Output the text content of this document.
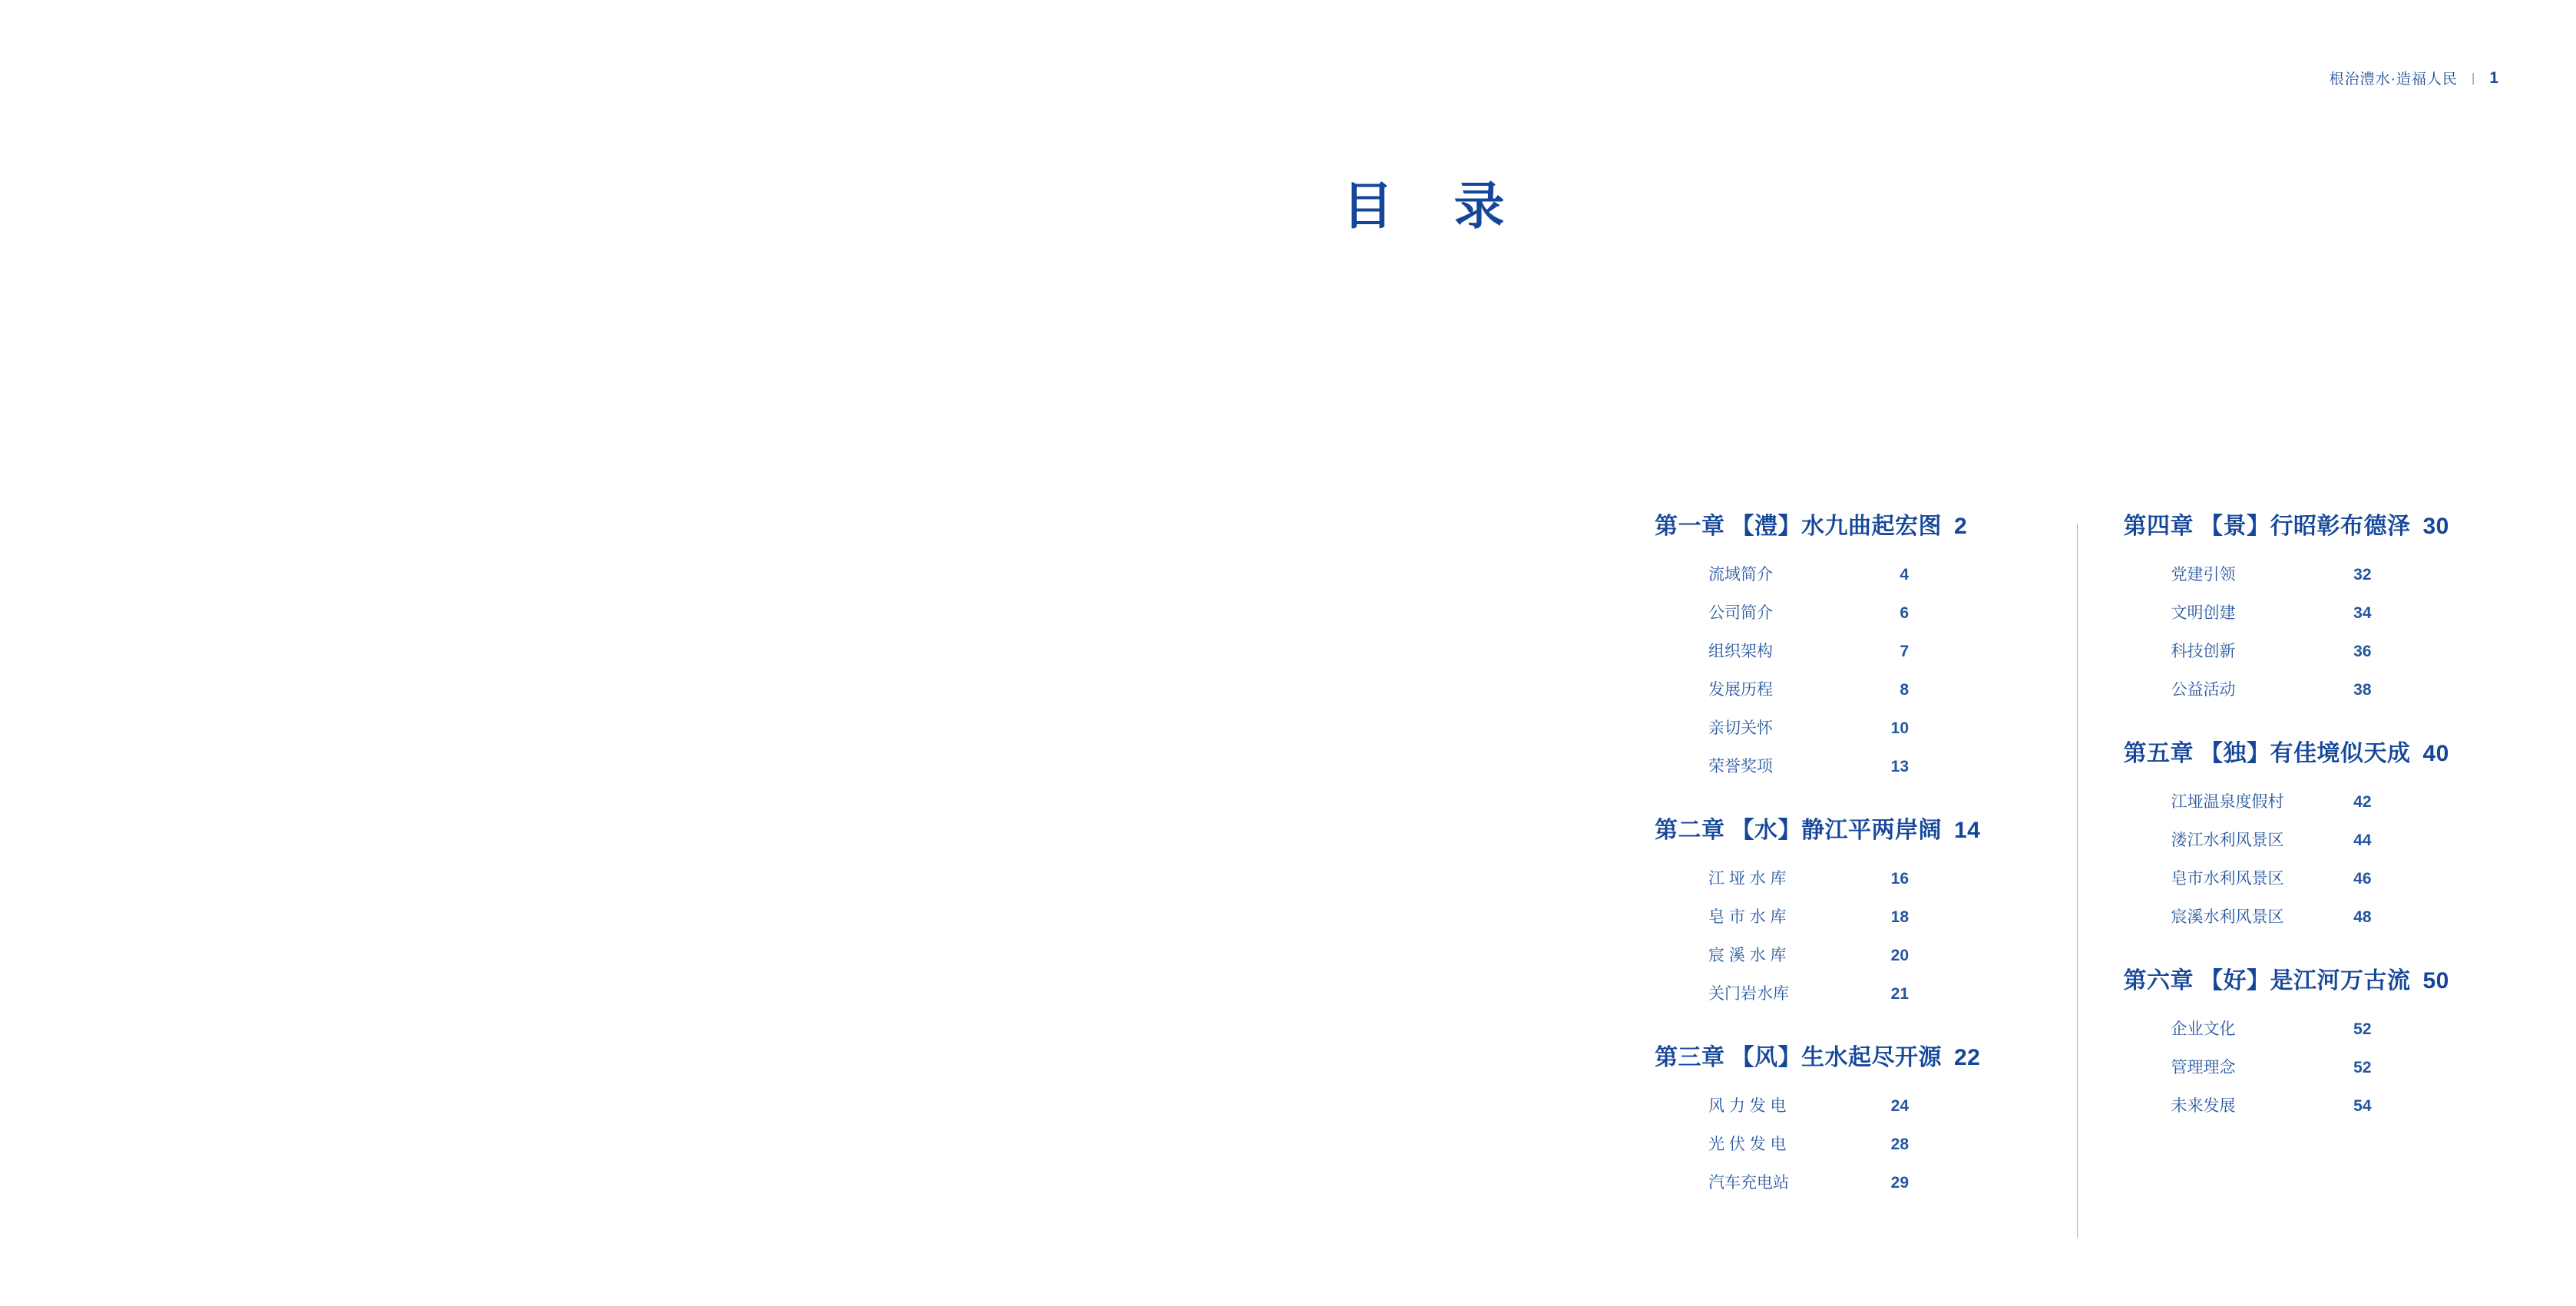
根治澧水·造福人民 | 1
目 录
第一章 【澧】水九曲起宏图 2
流域简介	4
公司简介	6
组织架构	7
发展历程	8
亲切关怀	10
荣誉奖项	13
第二章 【水】静江平两岸阔 14
江 垭 水 库	16
皂 市 水 库	18
宸 溪 水 库	20
关门岩水库	21
第三章 【风】生水起尽开源 22
风 力 发 电	24
光 伏 发 电	28
汽车充电站	29
第四章 【景】行昭彰布德泽 30
党建引领	32
文明创建	34
科技创新	36
公益活动	38
第五章 【独】有佳境似天成 40
江垭温泉度假村	42
溇江水利风景区	44
皂市水利风景区	46
宸溪水利风景区	48
第六章 【好】是江河万古流 50
企业文化	52
管理理念	52
未来发展	54
